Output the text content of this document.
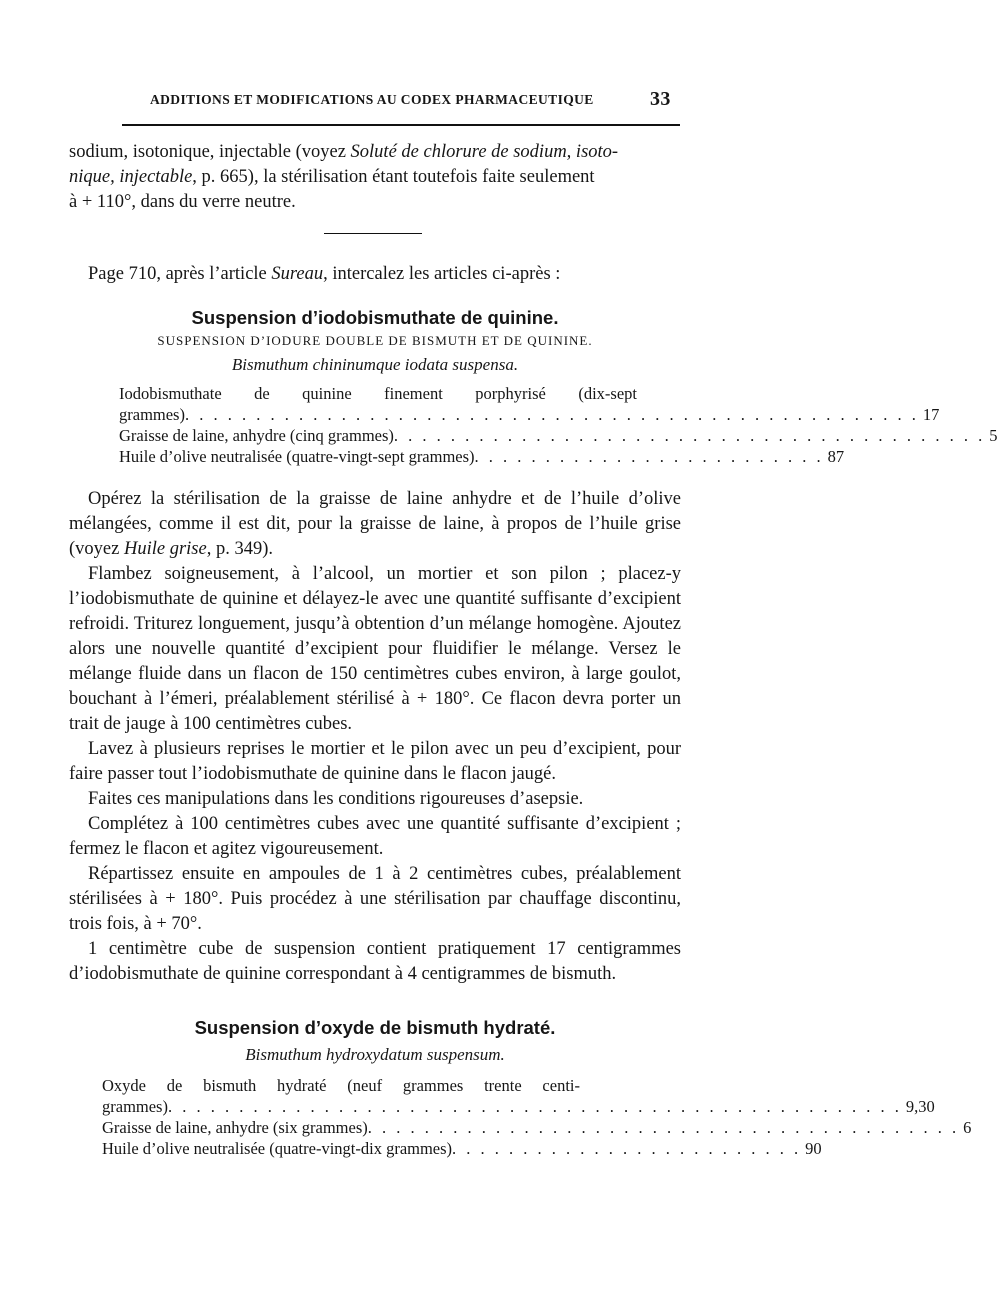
ADDITIONS ET MODIFICATIONS AU CODEX PHARMACEUTIQUE	33

sodium, isotonique, injectable (voyez Soluté de chlorure de sodium, isoto-
nique, injectable, p. 665), la stérilisation étant toutefois faite seulement
à + 110°, dans du verre neutre.

Page 710, après l’article Sureau, intercalez les articles ci-après :

Suspension d’iodobismuthate de quinine.

SUSPENSION D’IODURE DOUBLE DE BISMUTH ET DE QUININE.

Bismuthum chininumque iodata suspensa.

Iodobismuthate de quinine finement porphyrisé (dix-sept
grammes) . . . . . . . . . . . . . . . . . . . . . . . . . . . . . . . . . . . . . . . . . . . . . . . . . . . . 17
Graisse de laine, anhydre (cinq grammes) . . . . . . . . . . . . . . . . . . . . . . . . . . . . . . . . . . . . . . . . . . 5
Huile d’olive neutralisée (quatre-vingt-sept grammes) . . . . . . . . . . . . . . . . . . . . . . . . . 87

Opérez la stérilisation de la graisse de laine anhydre et de l’huile d’olive mélangées, comme il est dit, pour la graisse de laine, à propos de l’huile grise (voyez Huile grise, p. 349).

Flambez soigneusement, à l’alcool, un mortier et son pilon ; placez-y l’iodobismuthate de quinine et délayez-le avec une quantité suffisante d’excipient refroidi. Triturez longuement, jusqu’à obtention d’un mélange homogène. Ajoutez alors une nouvelle quantité d’excipient pour fluidifier le mélange. Versez le mélange fluide dans un flacon de 150 centimètres cubes environ, à large goulot, bouchant à l’émeri, préalablement stérilisé à + 180°. Ce flacon devra porter un trait de jauge à 100 centimètres cubes.

Lavez à plusieurs reprises le mortier et le pilon avec un peu d’excipient, pour faire passer tout l’iodobismuthate de quinine dans le flacon jaugé.

Faites ces manipulations dans les conditions rigoureuses d’asepsie.

Complétez à 100 centimètres cubes avec une quantité suffisante d’excipient ; fermez le flacon et agitez vigoureusement.

Répartissez ensuite en ampoules de 1 à 2 centimètres cubes, préalablement stérilisées à + 180°. Puis procédez à une stérilisation par chauffage discontinu, trois fois, à + 70°.

1 centimètre cube de suspension contient pratiquement 17 centigrammes d’iodobismuthate de quinine correspondant à 4 centigrammes de bismuth.

Suspension d’oxyde de bismuth hydraté.

Bismuthum hydroxydatum suspensum.

Oxyde de bismuth hydraté (neuf grammes trente centi-
grammes) . . . . . . . . . . . . . . . . . . . . . . . . . . . . . . . . . . . . . . . . . . . . . . . . . . . . 9,30
Graisse de laine, anhydre (six grammes) . . . . . . . . . . . . . . . . . . . . . . . . . . . . . . . . . . . . . . . . . . 6
Huile d’olive neutralisée (quatre-vingt-dix grammes) . . . . . . . . . . . . . . . . . . . . . . . . . 90
